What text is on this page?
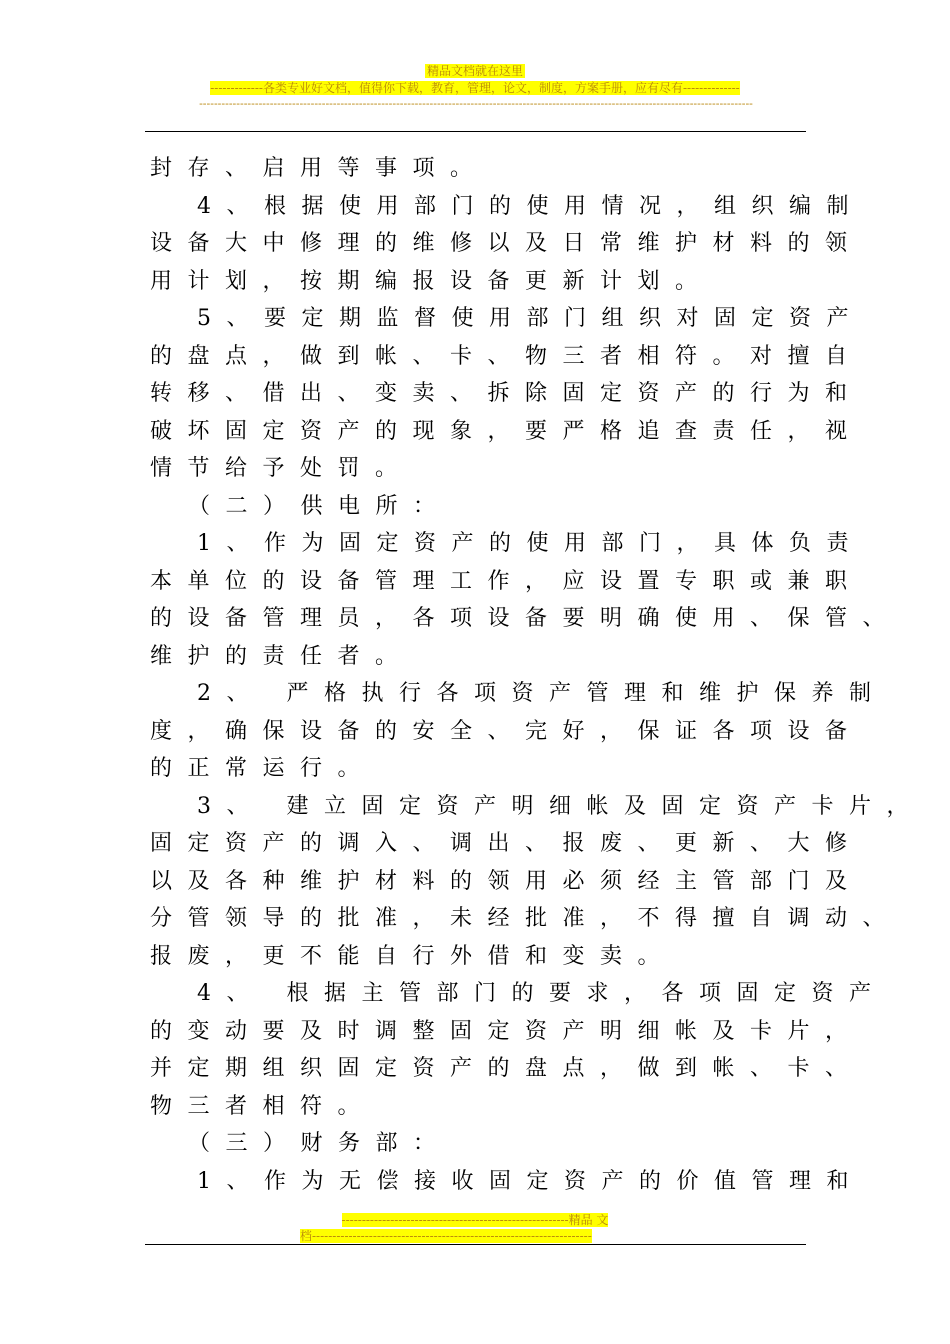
精品文档就在这里
-------------各类专业好文档，值得你下载，教育，管理，论文，制度，方案手册，应有尽有--------------
-----------------------------------------------------------------------------------------------------------------------------------------------------
封存、启用等事项。
4、根据使用部门的使用情况，组织编制
设备大中修理的维修以及日常维护材料的领
用计划，按期编报设备更新计划。
5、要定期监督使用部门组织对固定资产
的盘点，做到帐、卡、物三者相符。对擅自
转移、借出、变卖、拆除固定资产的行为和
破坏固定资产的现象，要严格追查责任，视
情节给予处罚。
（二）供电所：
1、作为固定资产的使用部门，具体负责
本单位的设备管理工作，应设置专职或兼职
的设备管理员，各项设备要明确使用、保管、
维护的责任者。
2、 严格执行各项资产管理和维护保养制
度，确保设备的安全、完好，保证各项设备
的正常运行。
3、 建立固定资产明细帐及固定资产卡片，
固定资产的调入、调出、报废、更新、大修
以及各种维护材料的领用必须经主管部门及
分管领导的批准，未经批准，不得擅自调动、
报废，更不能自行外借和变卖。
4、 根据主管部门的要求，各项固定资产
的变动要及时调整固定资产明细帐及卡片，
并定期组织固定资产的盘点，做到帐、卡、
物三者相符。
（三）财务部：
1、作为无偿接收固定资产的价值管理和
--------------------------------------------------------精品 文
档---------------------------------------------------------------------
